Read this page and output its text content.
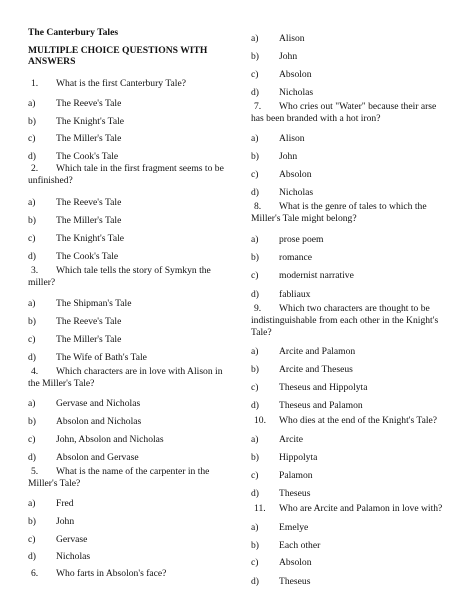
The Canterbury Tales
MULTIPLE CHOICE QUESTIONS WITH ANSWERS
1. What is the first Canterbury Tale?
a) The Reeve's Tale
b) The Knight's Tale
c) The Miller's Tale
d) The Cook's Tale
2. Which tale in the first fragment seems to be
unfinished?
a) The Reeve's Tale
b) The Miller's Tale
c) The Knight's Tale
d) The Cook's Tale
3. Which tale tells the story of Symkyn the
miller?
a) The Shipman's Tale
b) The Reeve's Tale
c) The Miller's Tale
d) The Wife of Bath's Tale
4. Which characters are in love with Alison in
the Miller's Tale?
a) Gervase and Nicholas
b) Absolon and Nicholas
c) John, Absolon and Nicholas
d) Absolon and Gervase
5. What is the name of the carpenter in the
Miller's Tale?
a) Fred
b) John
c) Gervase
d) Nicholas
6. Who farts in Absolon's face?
a) Alison
b) John
c) Absolon
d) Nicholas
7. Who cries out "Water" because their arse
has been branded with a hot iron?
a) Alison
b) John
c) Absolon
d) Nicholas
8. What is the genre of tales to which the
Miller's Tale might belong?
a) prose poem
b) romance
c) modernist narrative
d) fabliaux
9. Which two characters are thought to be
indistinguishable from each other in the Knight's
Tale?
a) Arcite and Palamon
b) Arcite and Theseus
c) Theseus and Hippolyta
d) Theseus and Palamon
10. Who dies at the end of the Knight's Tale?
a) Arcite
b) Hippolyta
c) Palamon
d) Theseus
11. Who are Arcite and Palamon in love with?
a) Emelye
b) Each other
c) Absolon
d) Theseus
